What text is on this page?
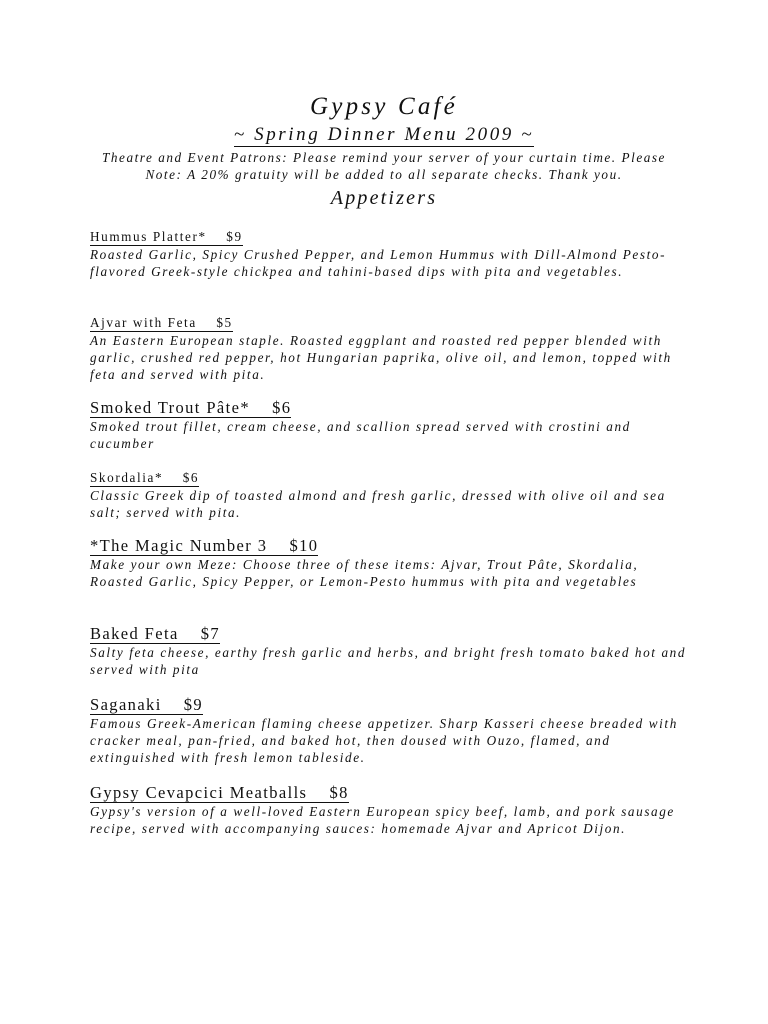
Gypsy Café
~ Spring Dinner Menu 2009 ~
Theatre and Event Patrons: Please remind your server of your curtain time. Please Note: A 20% gratuity will be added to all separate checks. Thank you.
Appetizers
Hummus Platter*    $9

Roasted Garlic, Spicy Crushed Pepper, and Lemon Hummus with Dill-Almond Pesto-flavored Greek-style chickpea and tahini-based dips with pita and vegetables.

Ajvar with Feta    $5

An Eastern European staple. Roasted eggplant and roasted red pepper blended with garlic, crushed red pepper, hot Hungarian paprika, olive oil, and lemon, topped with feta and served with pita.

Smoked Trout Pâte*    $6

Smoked trout fillet, cream cheese, and scallion spread served with crostini and cucumber

Skordalia*    $6

Classic Greek dip of toasted almond and fresh garlic, dressed with olive oil and sea salt; served with pita.

*The Magic Number 3    $10

Make your own Meze: Choose three of these items: Ajvar, Trout Pâte, Skordalia, Roasted Garlic, Spicy Pepper, or Lemon-Pesto hummus with pita and vegetables

Baked Feta    $7

Salty feta cheese, earthy fresh garlic and herbs, and bright fresh tomato baked hot and served with pita

Saganaki    $9

Famous Greek-American flaming cheese appetizer. Sharp Kasseri cheese breaded with cracker meal, pan-fried, and baked hot, then doused with Ouzo, flamed, and extinguished with fresh lemon tableside.

Gypsy Cevapcici Meatballs    $8

Gypsy's version of a well-loved Eastern European spicy beef, lamb, and pork sausage recipe, served with accompanying sauces: homemade Ajvar and Apricot Dijon.
